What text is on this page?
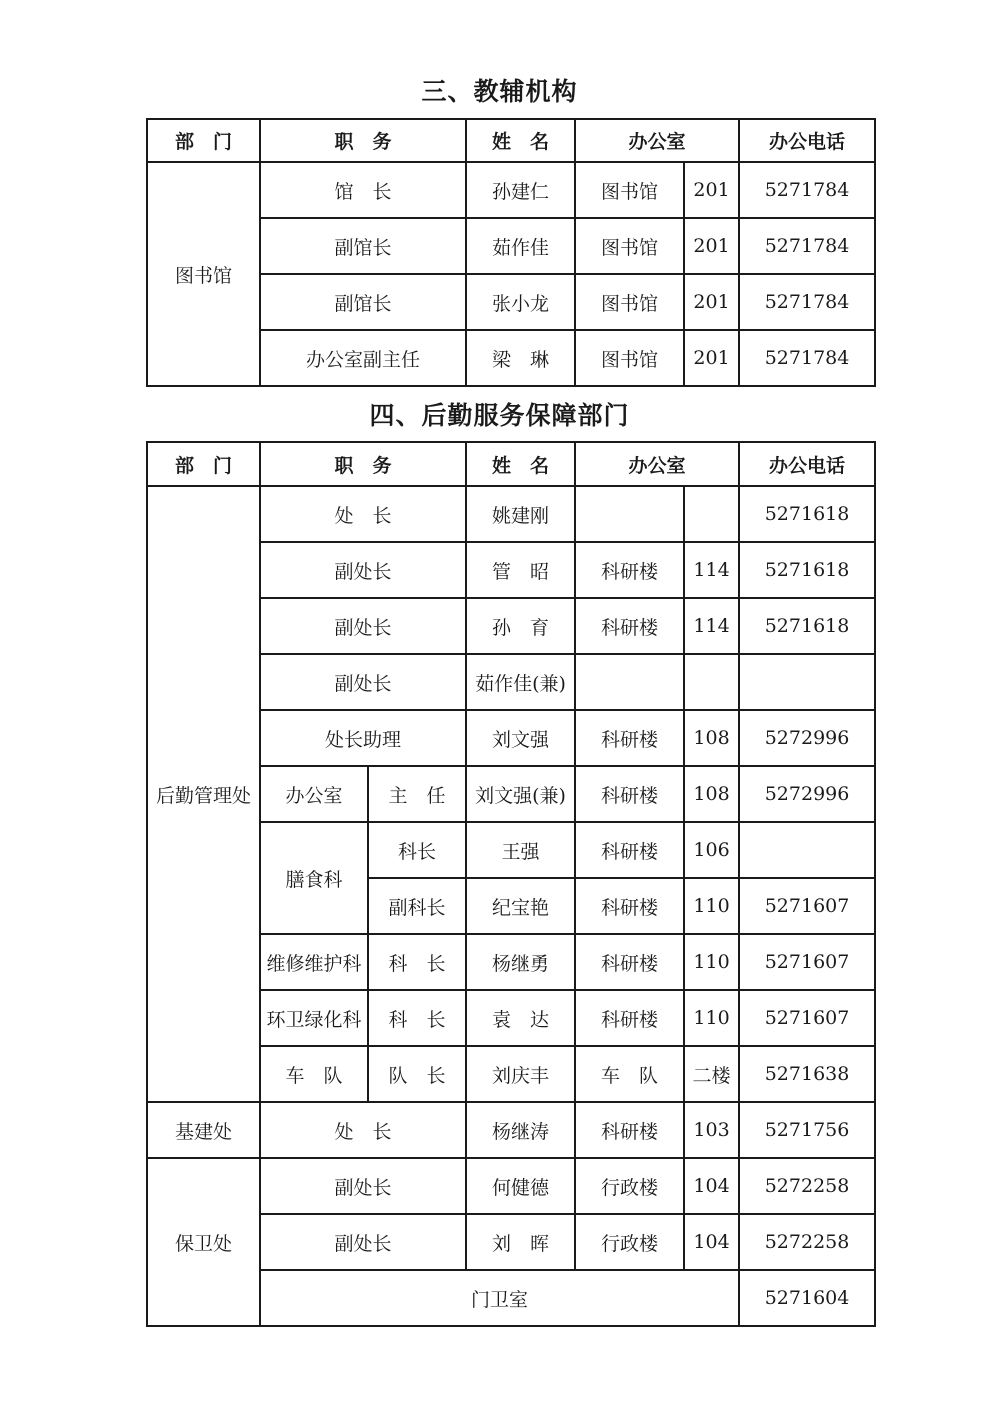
三、教辅机构
部　门	职　务	姓　名	办公室		办公电话
图书馆	馆　长	孙建仁	图书馆	201	5271784
	副馆长	茹作佳	图书馆	201	5271784
	副馆长	张小龙	图书馆	201	5271784
	办公室副主任	梁　琳	图书馆	201	5271784
四、后勤服务保障部门
部　门	职　务		姓　名	办公室		办公电话
后勤管理处	处　长		姚建刚			5271618
	副处长		管　昭	科研楼	114	5271618
	副处长		孙　育	科研楼	114	5271618
	副处长		茹作佳(兼)			
	处长助理		刘文强	科研楼	108	5272996
	办公室	主　任	刘文强(兼)	科研楼	108	5272996
	膳食科	科长	王强	科研楼	106	
		副科长	纪宝艳	科研楼	110	5271607
	维修维护科	科　长	杨继勇	科研楼	110	5271607
	环卫绿化科	科　长	袁　达	科研楼	110	5271607
	车　队	队　长	刘庆丰	车　队	二楼	5271638
基建处	处　长		杨继涛	科研楼	103	5271756
保卫处	副处长		何健德	行政楼	104	5272258
	副处长		刘　晖	行政楼	104	5272258
	门卫室					5271604
